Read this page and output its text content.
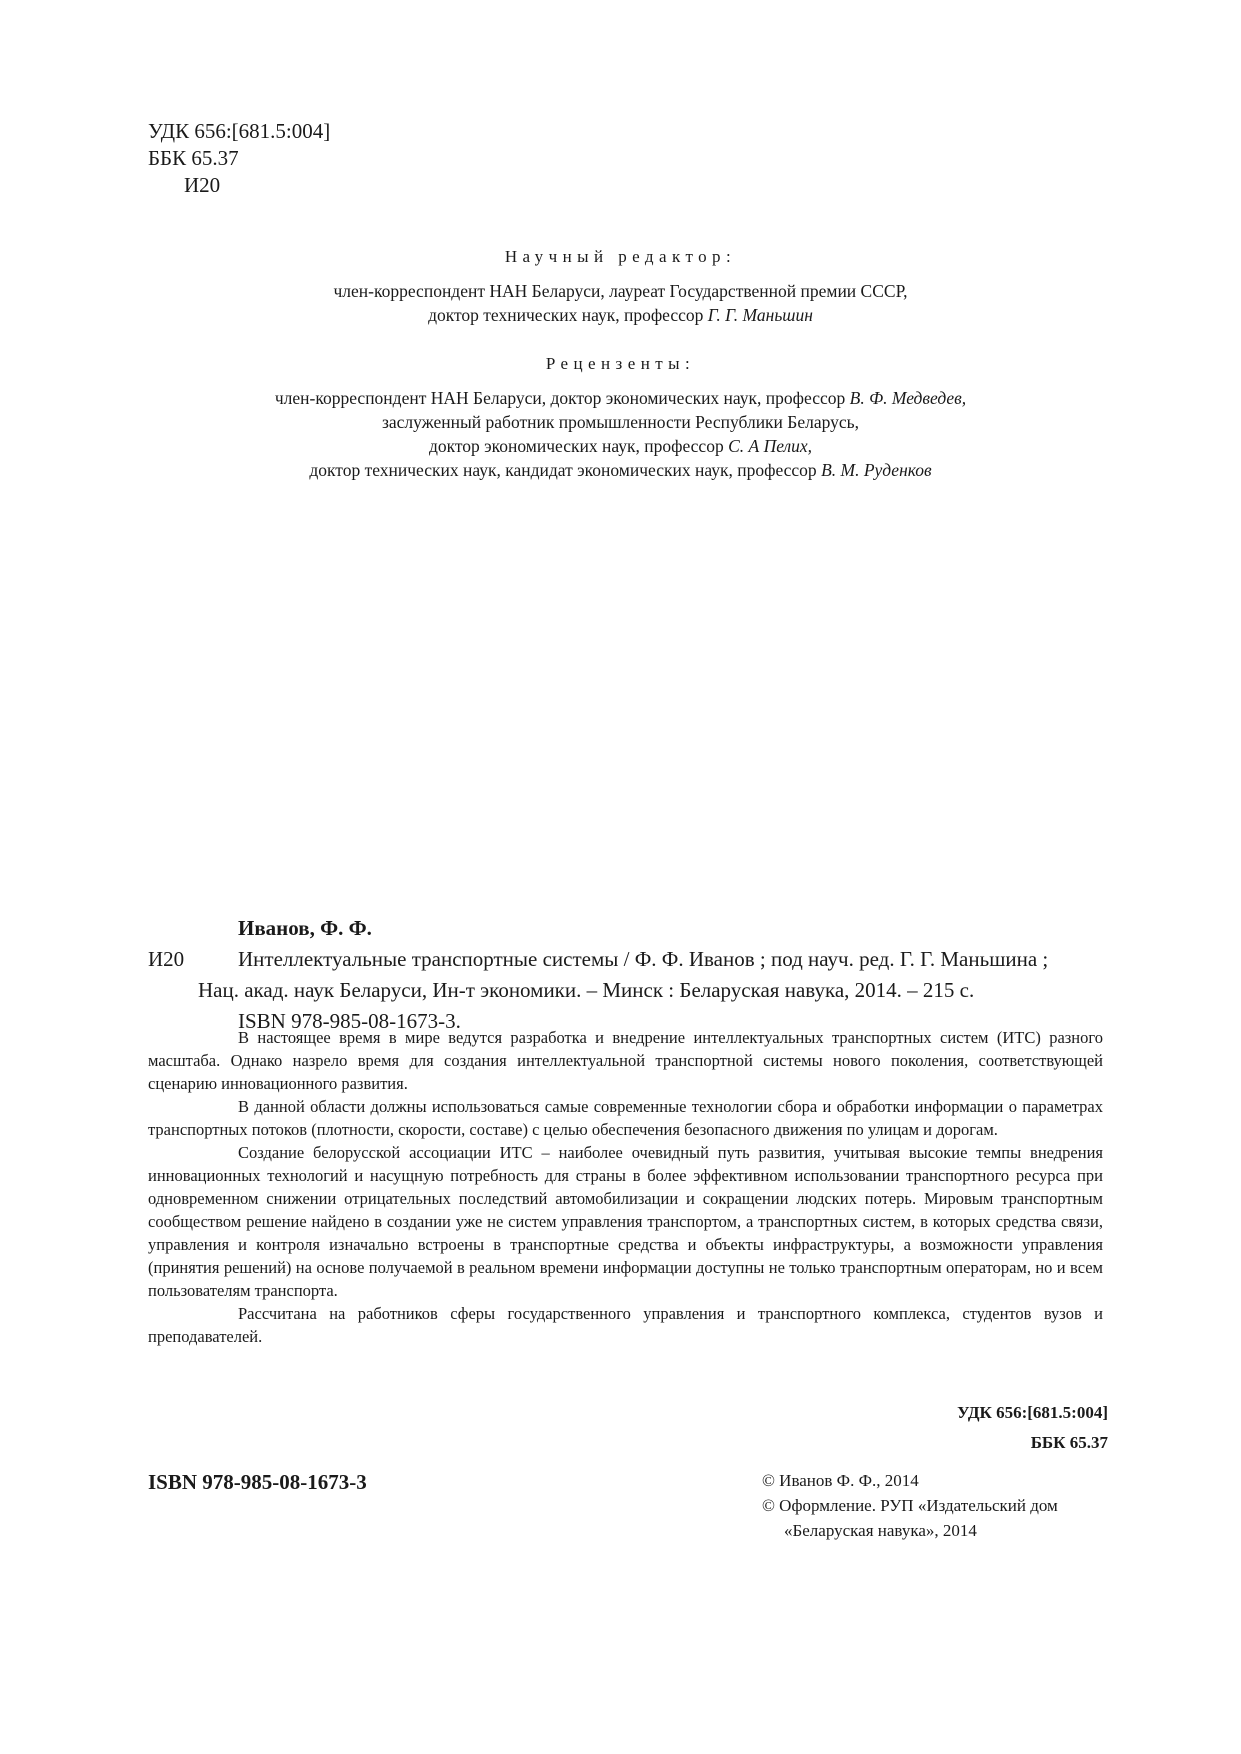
УДК 656:[681.5:004]
ББК 65.37
И20
Научный редактор:
член-корреспондент НАН Беларуси, лауреат Государственной премии СССР,
доктор технических наук, профессор Г. Г. Маньшин
Рецензенты:
член-корреспондент НАН Беларуси, доктор экономических наук, профессор В. Ф. Медведев,
заслуженный работник промышленности Республики Беларусь,
доктор экономических наук, профессор С. А Пелих,
доктор технических наук, кандидат экономических наук, профессор В. М. Руденков
Иванов, Ф. Ф.
И20	Интеллектуальные транспортные системы / Ф. Ф. Иванов ; под науч. ред. Г. Г. Маньшина ;
Нац. акад. наук Беларуси, Ин-т экономики. – Минск : Беларуская навука, 2014. – 215 с.
ISBN 978-985-08-1673-3.

В настоящее время в мире ведутся разработка и внедрение интеллектуальных транспортных систем (ИТС) разного масштаба. Однако назрело время для создания интеллектуальной транспортной системы нового поколения, соответствующей сценарию инновационного развития.

В данной области должны использоваться самые современные технологии сбора и обработки информации о параметрах транспортных потоков (плотности, скорости, составе) с целью обеспечения безопасного движения по улицам и дорогам.

Создание белорусской ассоциации ИТС – наиболее очевидный путь развития, учитывая высокие темпы внедрения инновационных технологий и насущную потребность для страны в более эффективном использовании транспортного ресурса при одновременном снижении отрицательных последствий автомобилизации и сокращении людских потерь. Мировым транспортным сообществом решение найдено в создании уже не систем управления транспортом, а транспортных систем, в которых средства связи, управления и контроля изначально встроены в транспортные средства и объекты инфраструктуры, а возможности управления (принятия решений) на основе получаемой в реальном времени информации доступны не только транспортным операторам, но и всем пользователям транспорта.

Рассчитана на работников сферы государственного управления и транспортного комплекса, студентов вузов и преподавателей.

УДК 656:[681.5:004]
ББК 65.37
ISBN 978-985-08-1673-3	© Иванов Ф. Ф., 2014
© Оформление. РУП «Издательский дом
«Беларуская навука», 2014
